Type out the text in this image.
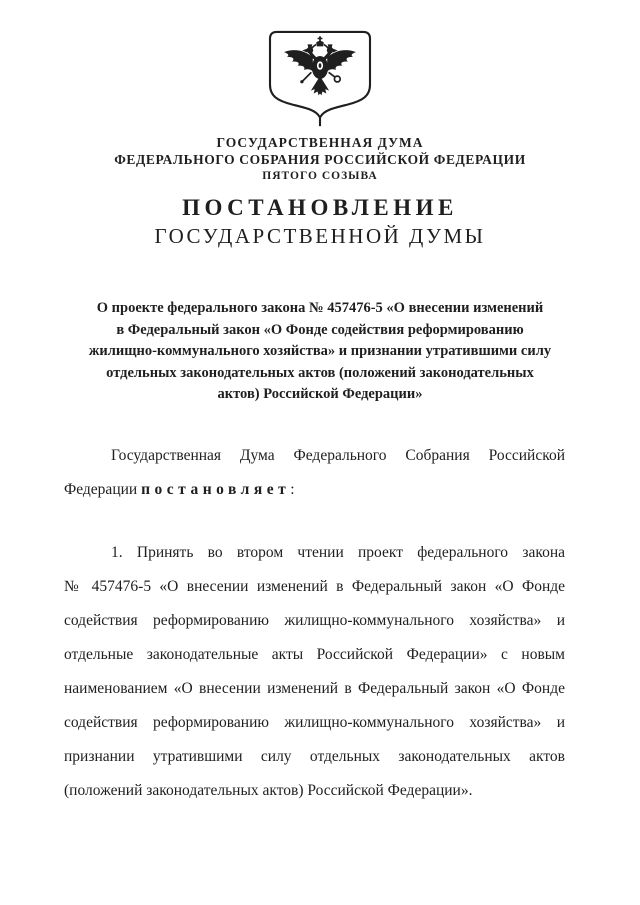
ГОСУДАРСТВЕННАЯ ДУМА
ФЕДЕРАЛЬНОГО СОБРАНИЯ РОССИЙСКОЙ ФЕДЕРАЦИИ
ПЯТОГО СОЗЫВА
ПОСТАНОВЛЕНИЕ
ГОСУДАРСТВЕННОЙ ДУМЫ
О проекте федерального закона № 457476-5 «О внесении изменений
в Федеральный закон «О Фонде содействия реформированию
жилищно-коммунального хозяйства» и признании утратившими силу
отдельных законодательных актов (положений законодательных
актов) Российской Федерации»
Государственная Дума Федерального Собрания Российской
Федерации постановляет:
1. Принять во втором чтении проект федерального закона
№ 457476-5 «О внесении изменений в Федеральный закон «О Фонде
содействия реформированию жилищно-коммунального хозяйства» и
отдельные законодательные акты Российской Федерации» с новым
наименованием «О внесении изменений в Федеральный закон «О Фонде
содействия реформированию жилищно-коммунального хозяйства» и
признании утратившими силу отдельных законодательных актов
(положений законодательных актов) Российской Федерации».
